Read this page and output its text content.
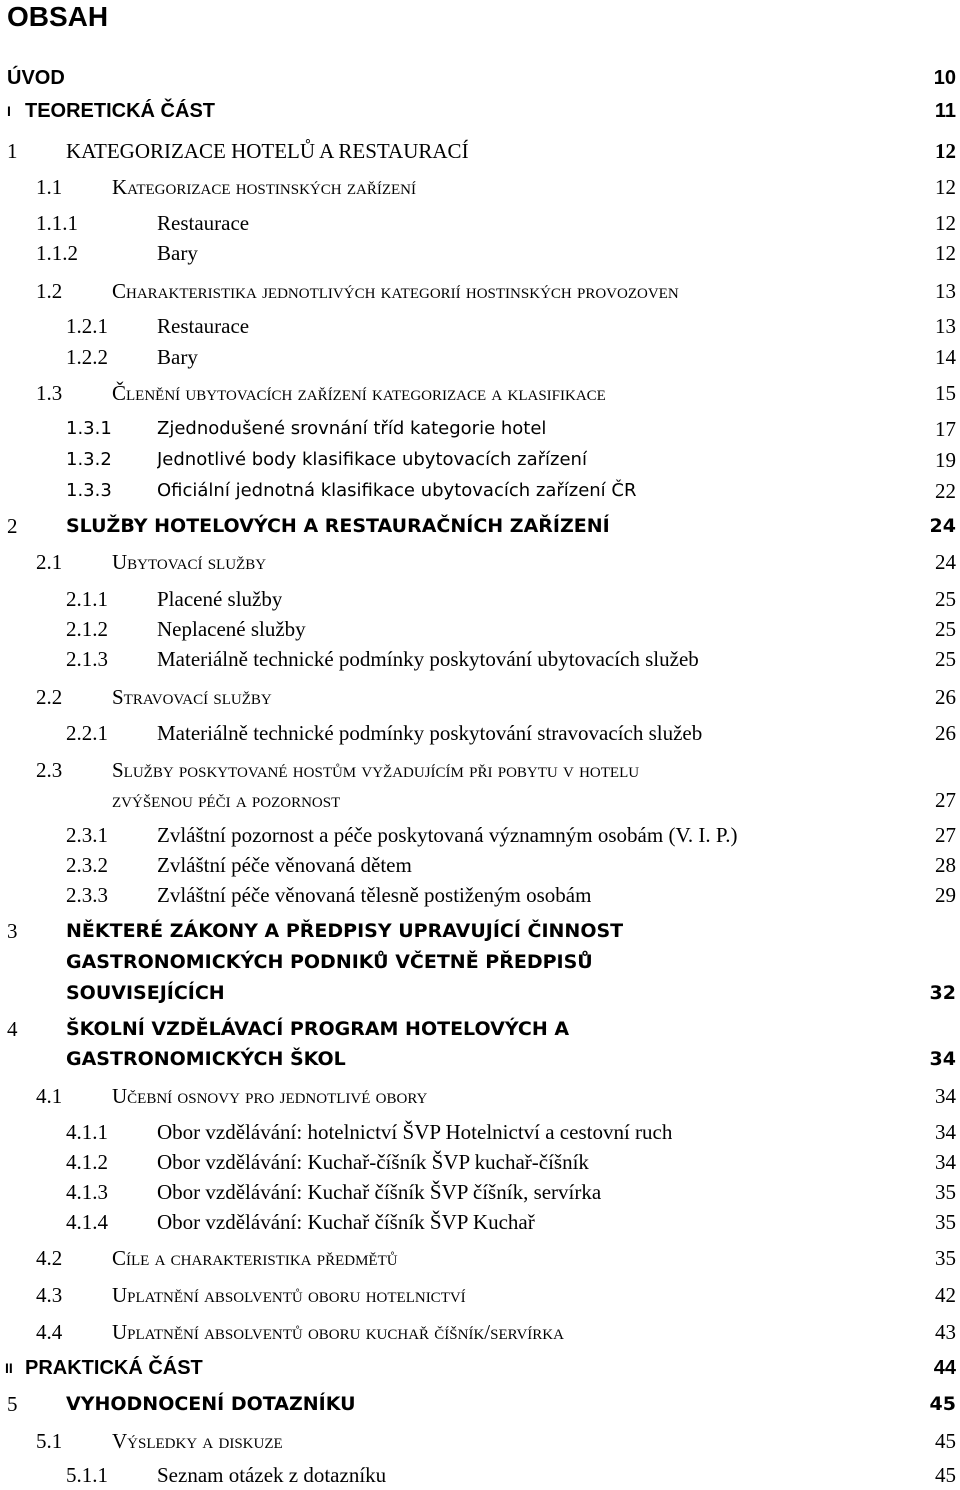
OBSAH
ÚVOD	10
I TEORETICKÁ ČÁST	11
1 KATEGORIZACE HOTELŮ A RESTAURACÍ	12
1.1 Kategorizace hostinských zařízení	12
1.1.1	Restaurace	12
1.1.2	Bary	12
1.2 Charakteristika jednotlivých kategorií hostinských provozoven	13
1.2.1 Restaurace	13
1.2.2 Bary	14
1.3 Členění ubytovacích zařízení kategorizace a klasifikace	15
1.3.1	Zjednodušené srovnání tříd kategorie hotel	17
1.3.2	Jednotlivé body klasifikace ubytovacích zařízení	19
1.3.3	Oficiální jednotná klasifikace ubytovacích zařízení ČR	22
2	SLUŽBY HOTELOVÝCH A RESTAURAČNÍCH ZAŘÍZENÍ	24
2.1 Ubytovací služby	24
2.1.1 Placené služby	25
2.1.2 Neplacené služby	25
2.1.3 Materiálně technické podmínky poskytování ubytovacích služeb	25
2.2 Stravovací služby	26
2.2.1 Materiálně technické podmínky poskytování stravovacích služeb	26
2.3 Služby poskytované hostům vyžadujícím při pobytu v hotelu
zvýšenou péči a pozornost	27
2.3.1 Zvláštní pozornost a péče poskytovaná významným osobám (V. I. P.)	27
2.3.2 Zvláštní péče věnovaná dětem	28
2.3.3 Zvláštní péče věnovaná tělesně postiženým osobám	29
3	NĚKTERÉ ZÁKONY A PŘEDPISY UPRAVUJÍCÍ ČINNOST
GASTRONOMICKÝCH PODNIKŮ VČETNĚ PŘEDPISŮ
SOUVISEJÍCÍCH	32
4	ŠKOLNÍ VZDĚLÁVACÍ PROGRAM HOTELOVÝCH A
GASTRONOMICKÝCH ŠKOL	34
4.1 Učební osnovy pro jednotlivé obory	34
4.1.1 Obor vzdělávání: hotelnictví ŠVP Hotelnictví a cestovní ruch	34
4.1.2 Obor vzdělávání: Kuchař-číšník ŠVP kuchař-číšník	34
4.1.3 Obor vzdělávání: Kuchař číšník ŠVP číšník, servírka	35
4.1.4 Obor vzdělávání: Kuchař číšník ŠVP Kuchař	35
4.2 Cíle a charakteristika předmětů	35
4.3 Uplatnění absolventů oboru hotelnictví	42
4.4 Uplatnění absolventů oboru kuchař číšník/servírka	43
II PRAKTICKÁ ČÁST	44
5	VYHODNOCENÍ DOTAZNÍKU	45
5.1 Výsledky a diskuze	45
5.1.1 Seznam otázek z dotazníku	45
